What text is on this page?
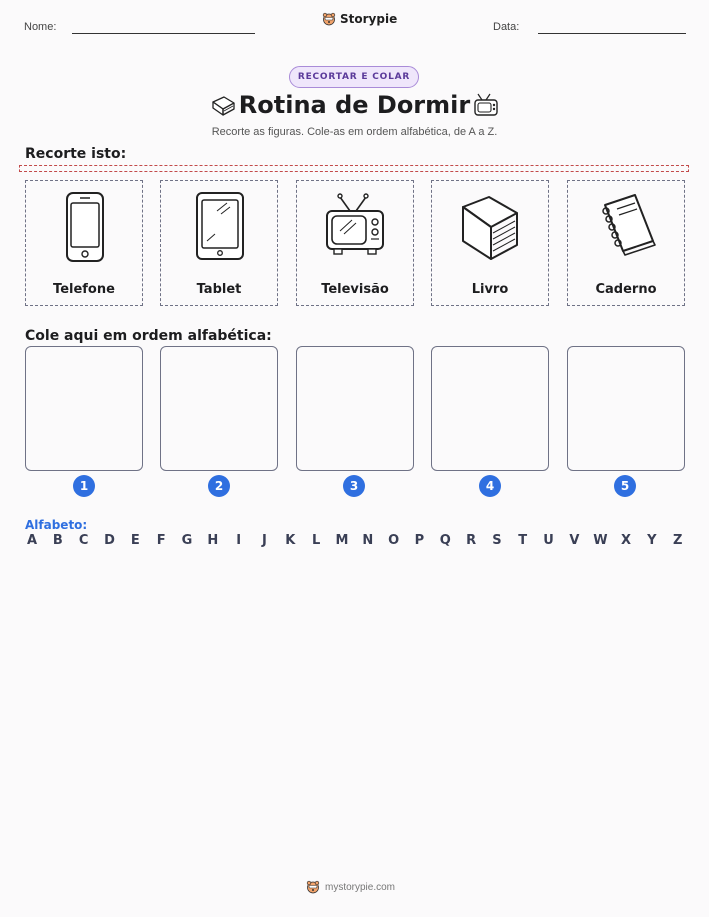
Nome:
Storypie
Data:
RECORTAR E COLAR
Rotina de Dormir
Recorte as figuras. Cole-as em ordem alfabética, de A a Z.
Recorte isto:
Telefone	Tablet	Televisão	Livro	Caderno
Cole aqui em ordem alfabética:
1	2	3	4	5
Alfabeto:
A B C D E F G H	I	J	K L M N O P Q R S T U V W X Y Z
mystorypie.com
